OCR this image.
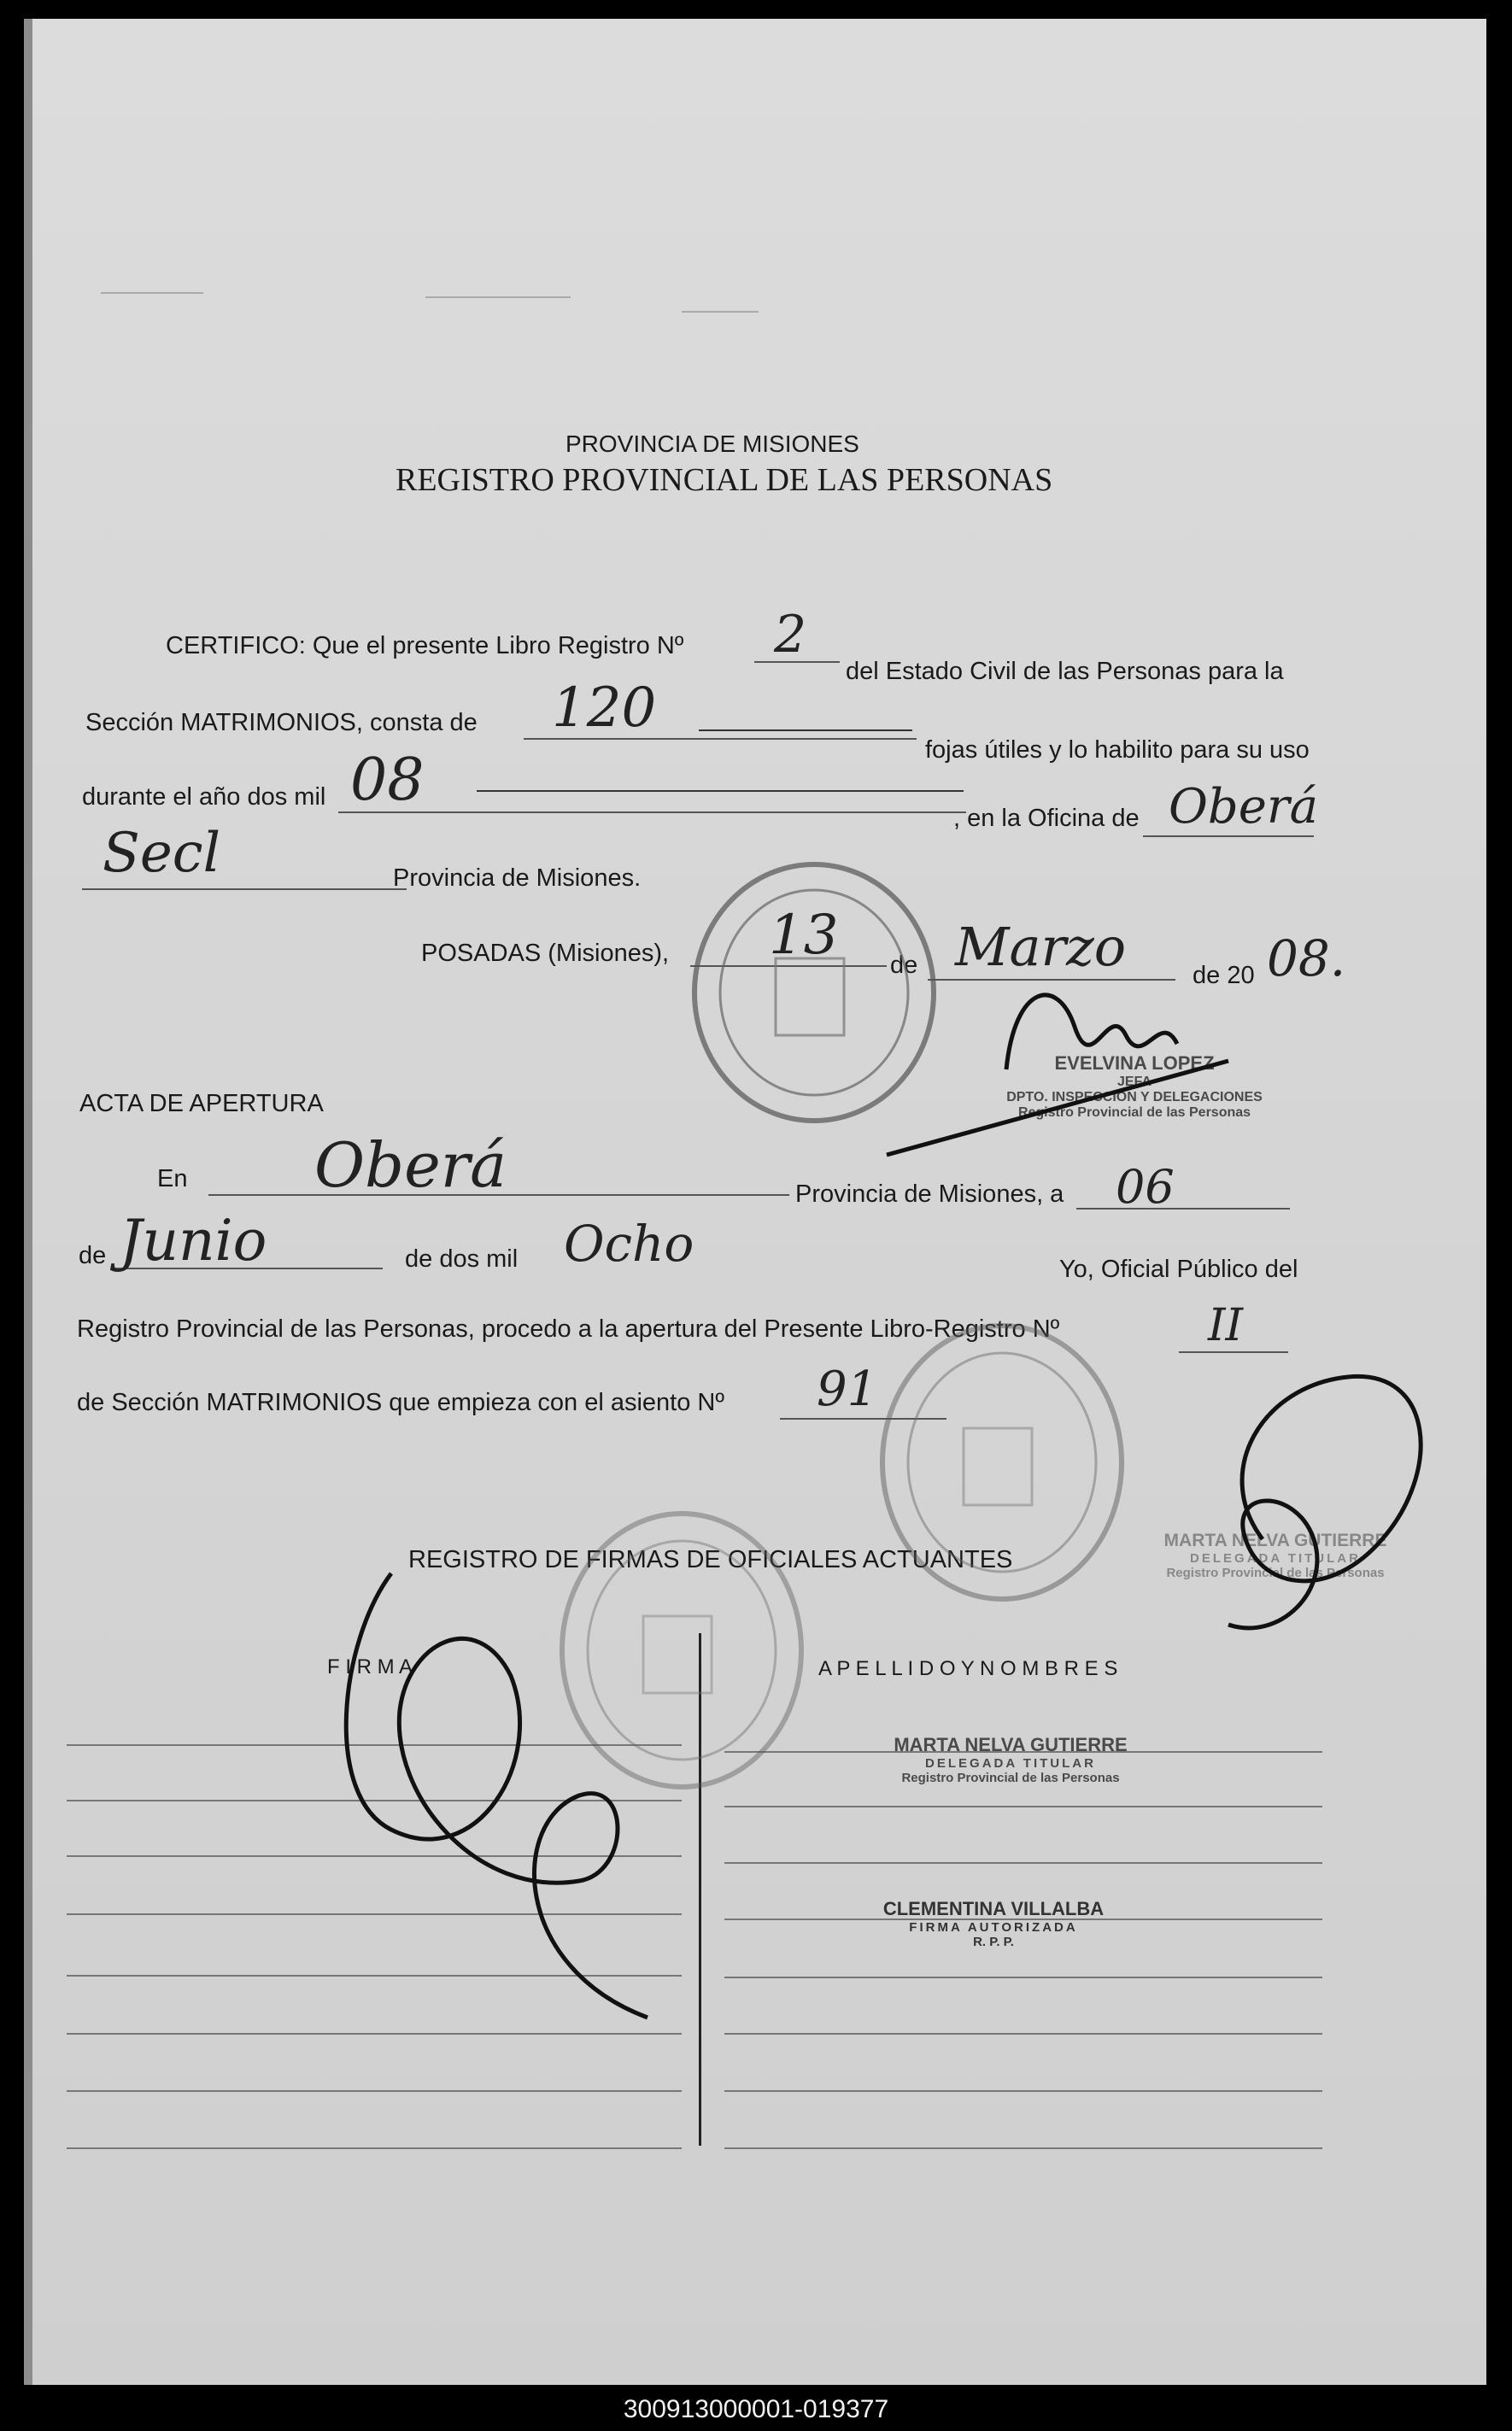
PROVINCIA DE MISIONES
REGISTRO PROVINCIAL DE LAS PERSONAS
CERTIFICO: Que el presente Libro Registro Nº 2
del Estado Civil de las Personas para la
Sección MATRIMONIOS, consta de 120
fojas útiles y lo habilito para su uso
durante el año dos mil 08
, en la Oficina de Oberá
Secl	Provincia de Misiones.
POSADAS (Misiones), 13 de Marzo	de 20 08.
ACTA DE APERTURA
En Oberá	Provincia de Misiones, a 06
de Junio	de dos mil Ocho	Yo, Oficial Público del
Registro Provincial de las Personas, procedo a la apertura del Presente Libro-Registro Nº	II
de Sección MATRIMONIOS que empieza con el asiento Nº 91
REGISTRO DE FIRMAS DE OFICIALES ACTUANTES
F I R M A	A P E L L I D O Y N O M B R E S
EVELVINA LOPEZ
JEFA
DPTO. INSPECCION Y DELEGACIONES
Registro Provincial de las Personas
MARTA NELVA GUTIERRE
DELEGADA TITULAR
Registro Provincial de las Personas
MARTA NELVA GUTIERRE
DELEGADA TITULAR
Registro Provincial de las Personas
CLEMENTINA VILLALBA
FIRMA AUTORIZADA
R. P. P.
300913000001-019377
